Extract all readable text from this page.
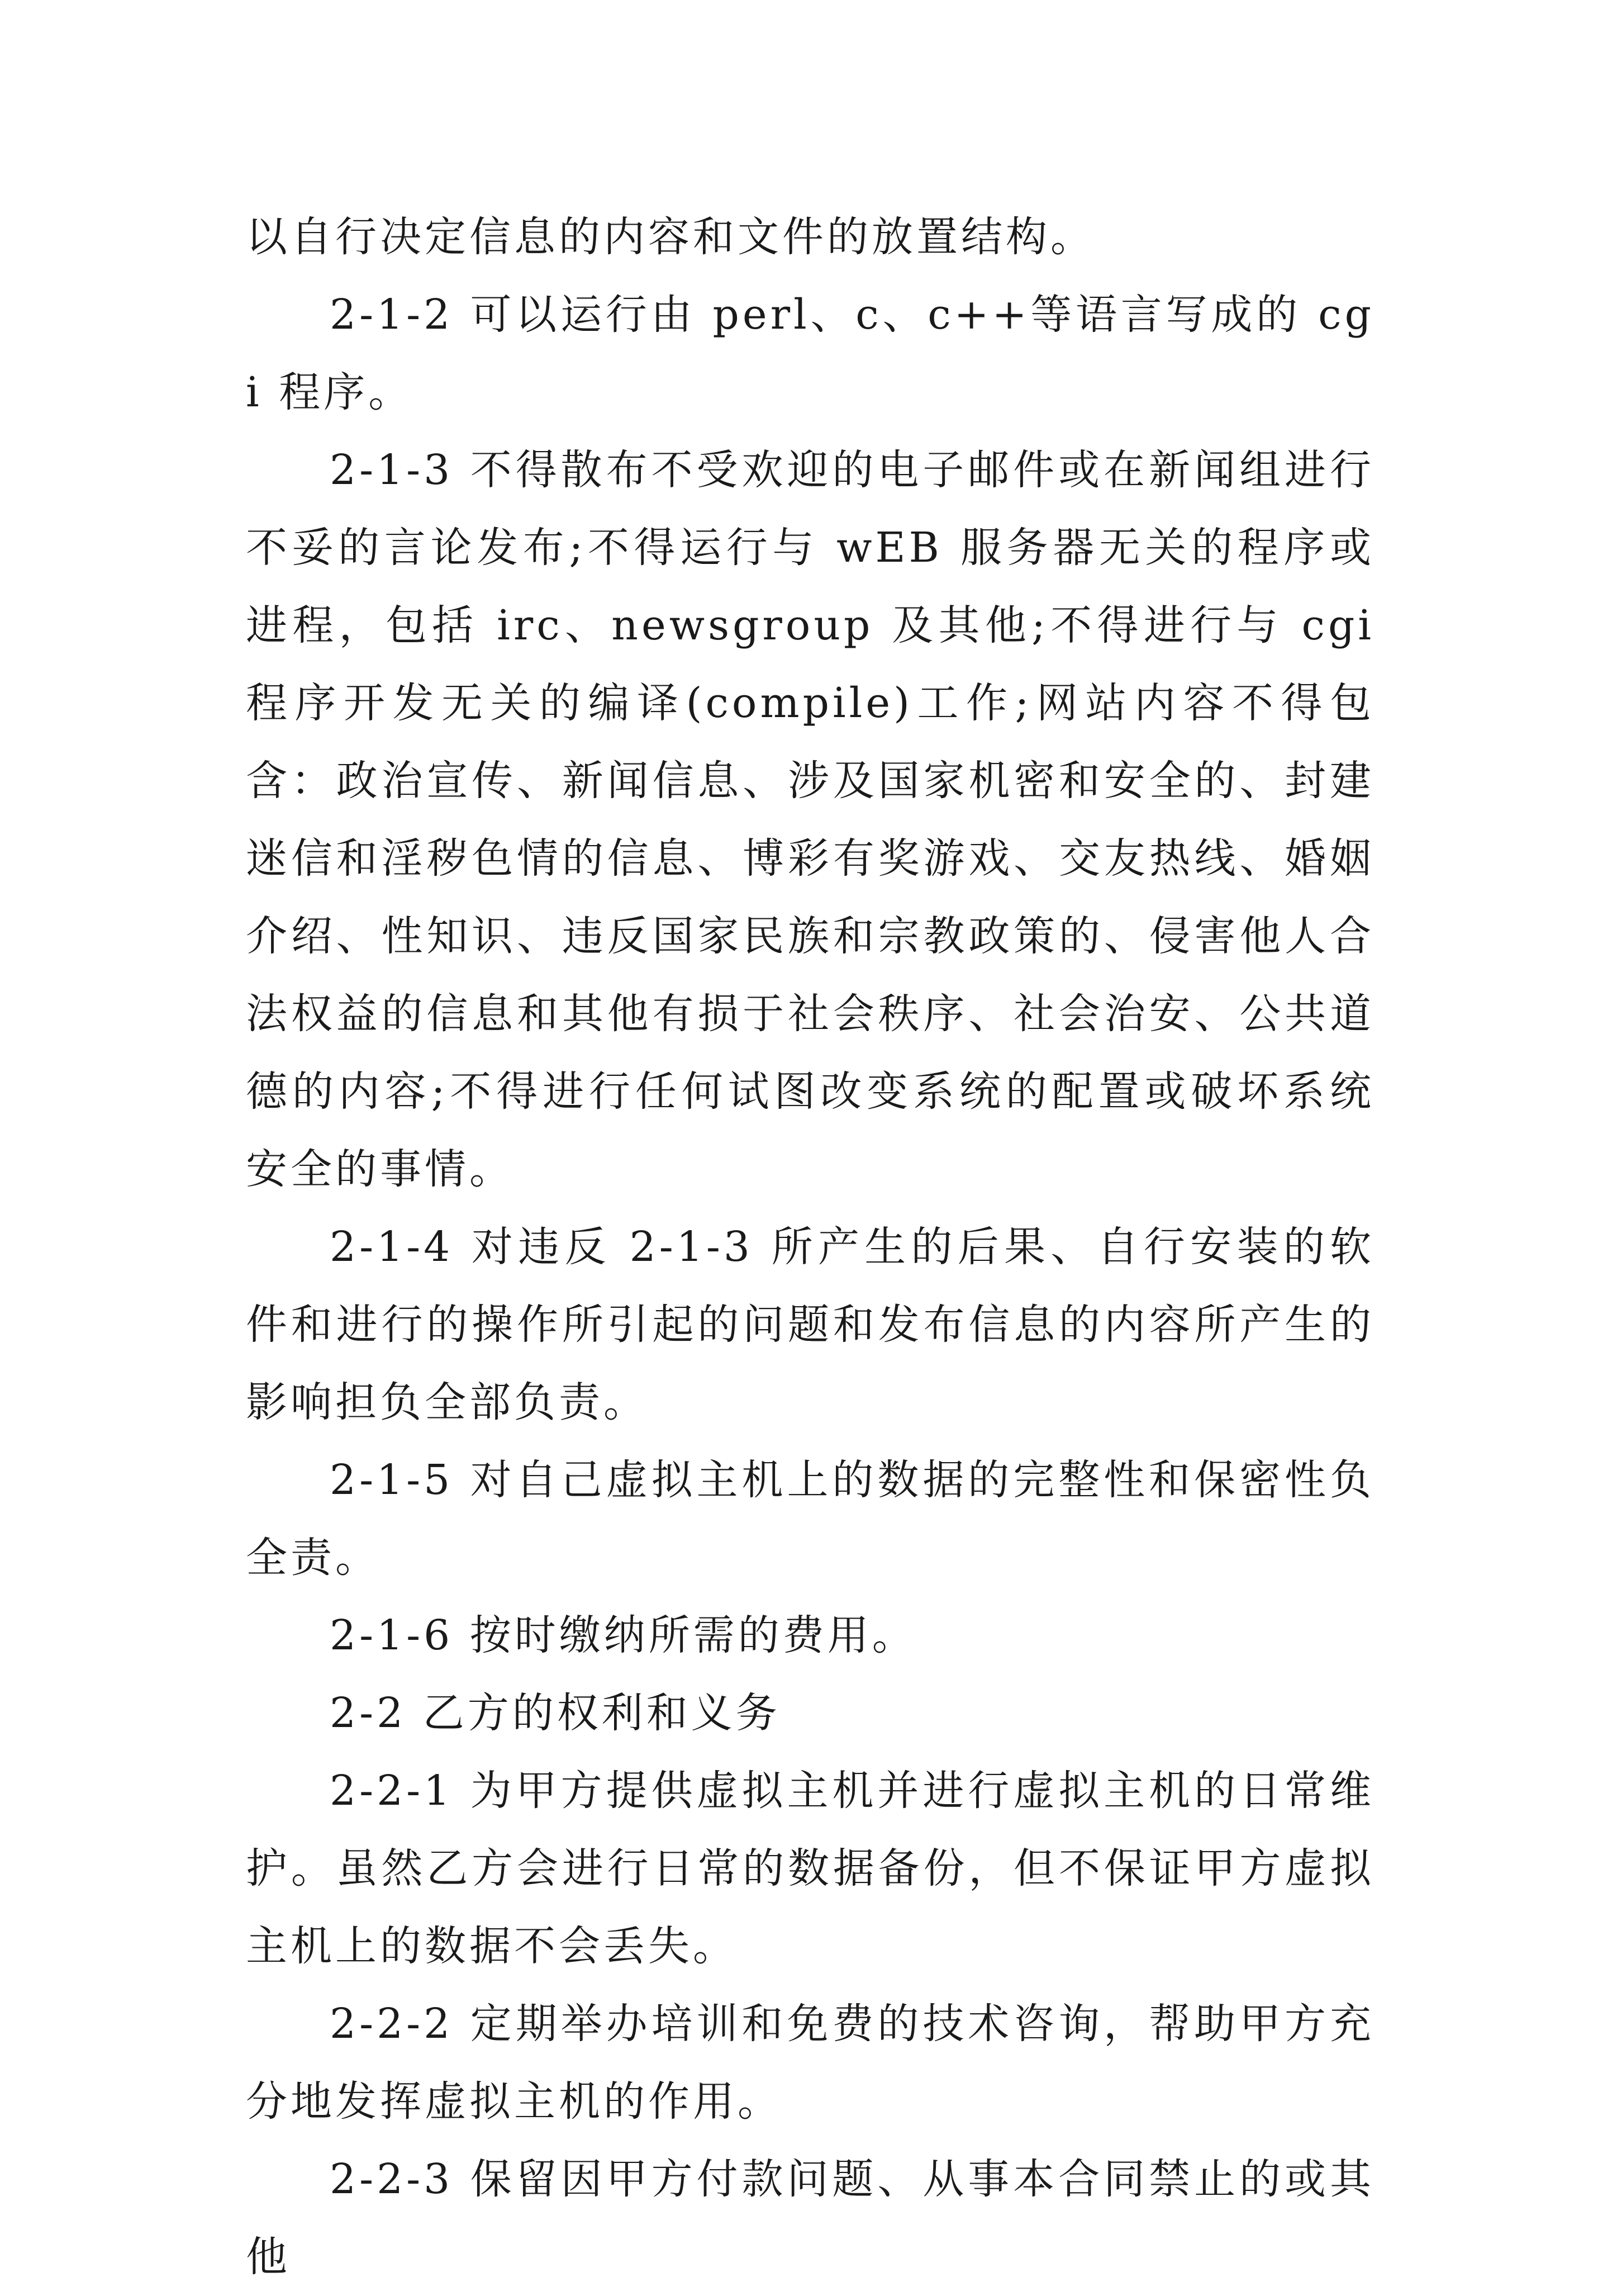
以自行决定信息的内容和文件的放置结构。

2-1-2 可以运行由 perl、c、c++等语言写成的 cgi 程序。

2-1-3 不得散布不受欢迎的电子邮件或在新闻组进行不妥的言论发布;不得运行与 wEB 服务器无关的程序或进程，包括 irc、newsgroup 及其他;不得进行与 cgi 程序开发无关的编译(compile)工作;网站内容不得包含：政治宣传、新闻信息、涉及国家机密和安全的、封建迷信和淫秽色情的信息、博彩有奖游戏、交友热线、婚姻介绍、性知识、违反国家民族和宗教政策的、侵害他人合法权益的信息和其他有损于社会秩序、社会治安、公共道德的内容;不得进行任何试图改变系统的配置或破坏系统安全的事情。

2-1-4 对违反 2-1-3 所产生的后果、自行安装的软件和进行的操作所引起的问题和发布信息的内容所产生的影响担负全部负责。

2-1-5 对自己虚拟主机上的数据的完整性和保密性负全责。

2-1-6 按时缴纳所需的费用。

2-2 乙方的权利和义务

2-2-1 为甲方提供虚拟主机并进行虚拟主机的日常维护。虽然乙方会进行日常的数据备份，但不保证甲方虚拟主机上的数据不会丢失。

2-2-2 定期举办培训和免费的技术咨询，帮助甲方充分地发挥虚拟主机的作用。

2-2-3 保留因甲方付款问题、从事本合同禁止的或其他
